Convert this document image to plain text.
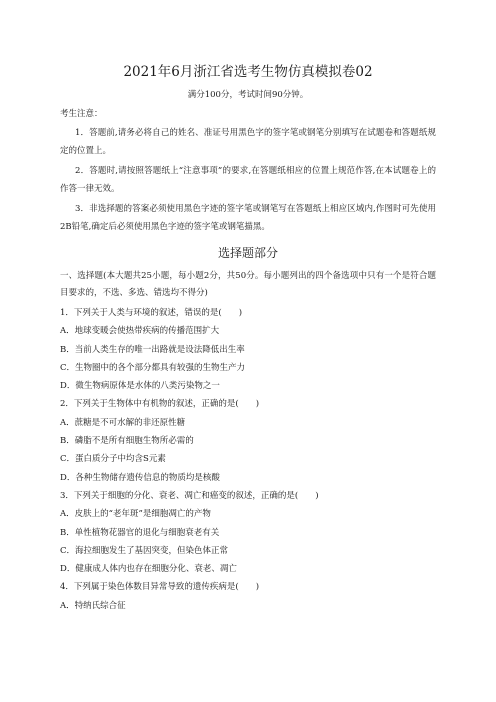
2021年6月浙江省选考生物仿真模拟卷02

满分100分，考试时间90分钟。

考生注意：

1．答题前,请务必将自己的姓名、准证号用黑色字的签字笔或钢笔分别填写在试题卷和答题纸规定的位置上。

2．答题时,请按照答题纸上“注意事项”的要求,在答题纸相应的位置上规范作答,在本试题卷上的作答一律无效。

3．非选择题的答案必须使用黑色字迹的签字笔或钢笔写在答题纸上相应区域内,作图时可先使用2B铅笔,确定后必须使用黑色字迹的签字笔或钢笔描黑。

选择题部分

一、选择题(本大题共25小题，每小题2分，共50分。每小题列出的四个备选项中只有一个是符合题目要求的，不选、多选、错选均不得分)

1．下列关于人类与环境的叙述，错误的是(　　)

A．地球变暖会使热带疾病的传播范围扩大

B．当前人类生存的唯一出路就是设法降低出生率

C．生物圈中的各个部分都具有较强的生物生产力

D．微生物病原体是水体的八类污染物之一

2．下列关于生物体中有机物的叙述，正确的是(　　)

A．蔗糖是不可水解的非还原性糖

B．磷脂不是所有细胞生物所必需的

C．蛋白质分子中均含S元素

D．各种生物储存遗传信息的物质均是核酸

3．下列关于细胞的分化、衰老、凋亡和癌变的叙述，正确的是(　　)

A．皮肤上的“老年斑”是细胞凋亡的产物

B．单性植物花器官的退化与细胞衰老有关

C．海拉细胞发生了基因突变，但染色体正常

D．健康成人体内也存在细胞分化、衰老、凋亡

4．下列属于染色体数目异常导致的遗传疾病是(　　)

A．特纳氏综合征
